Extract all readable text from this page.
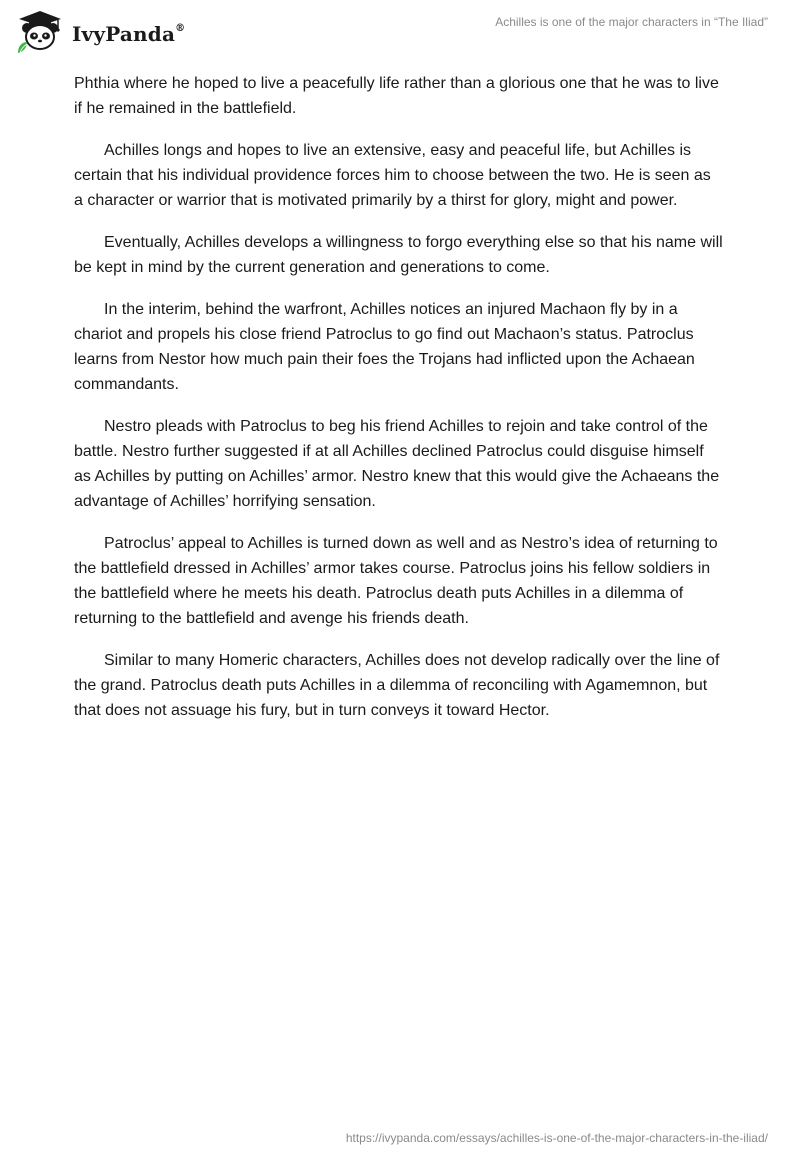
IvyPanda®	Achilles is one of the major characters in “The Iliad”

Phthia where he hoped to live a peacefully life rather than a glorious one that he was to live if he remained in the battlefield.

Achilles longs and hopes to live an extensive, easy and peaceful life, but Achilles is certain that his individual providence forces him to choose between the two. He is seen as a character or warrior that is motivated primarily by a thirst for glory, might and power.

Eventually, Achilles develops a willingness to forgo everything else so that his name will be kept in mind by the current generation and generations to come.

In the interim, behind the warfront, Achilles notices an injured Machaon fly by in a chariot and propels his close friend Patroclus to go find out Machaon’s status. Patroclus learns from Nestor how much pain their foes the Trojans had inflicted upon the Achaean commandants.

Nestro pleads with Patroclus to beg his friend Achilles to rejoin and take control of the battle. Nestro further suggested if at all Achilles declined Patroclus could disguise himself as Achilles by putting on Achilles’ armor. Nestro knew that this would give the Achaeans the advantage of Achilles’ horrifying sensation.

Patroclus’ appeal to Achilles is turned down as well and as Nestro’s idea of returning to the battlefield dressed in Achilles’ armor takes course. Patroclus joins his fellow soldiers in the battlefield where he meets his death. Patroclus death puts Achilles in a dilemma of returning to the battlefield and avenge his friends death.

Similar to many Homeric characters, Achilles does not develop radically over the line of the grand. Patroclus death puts Achilles in a dilemma of reconciling with Agamemnon, but that does not assuage his fury, but in turn conveys it toward Hector.

https://ivypanda.com/essays/achilles-is-one-of-the-major-characters-in-the-iliad/
